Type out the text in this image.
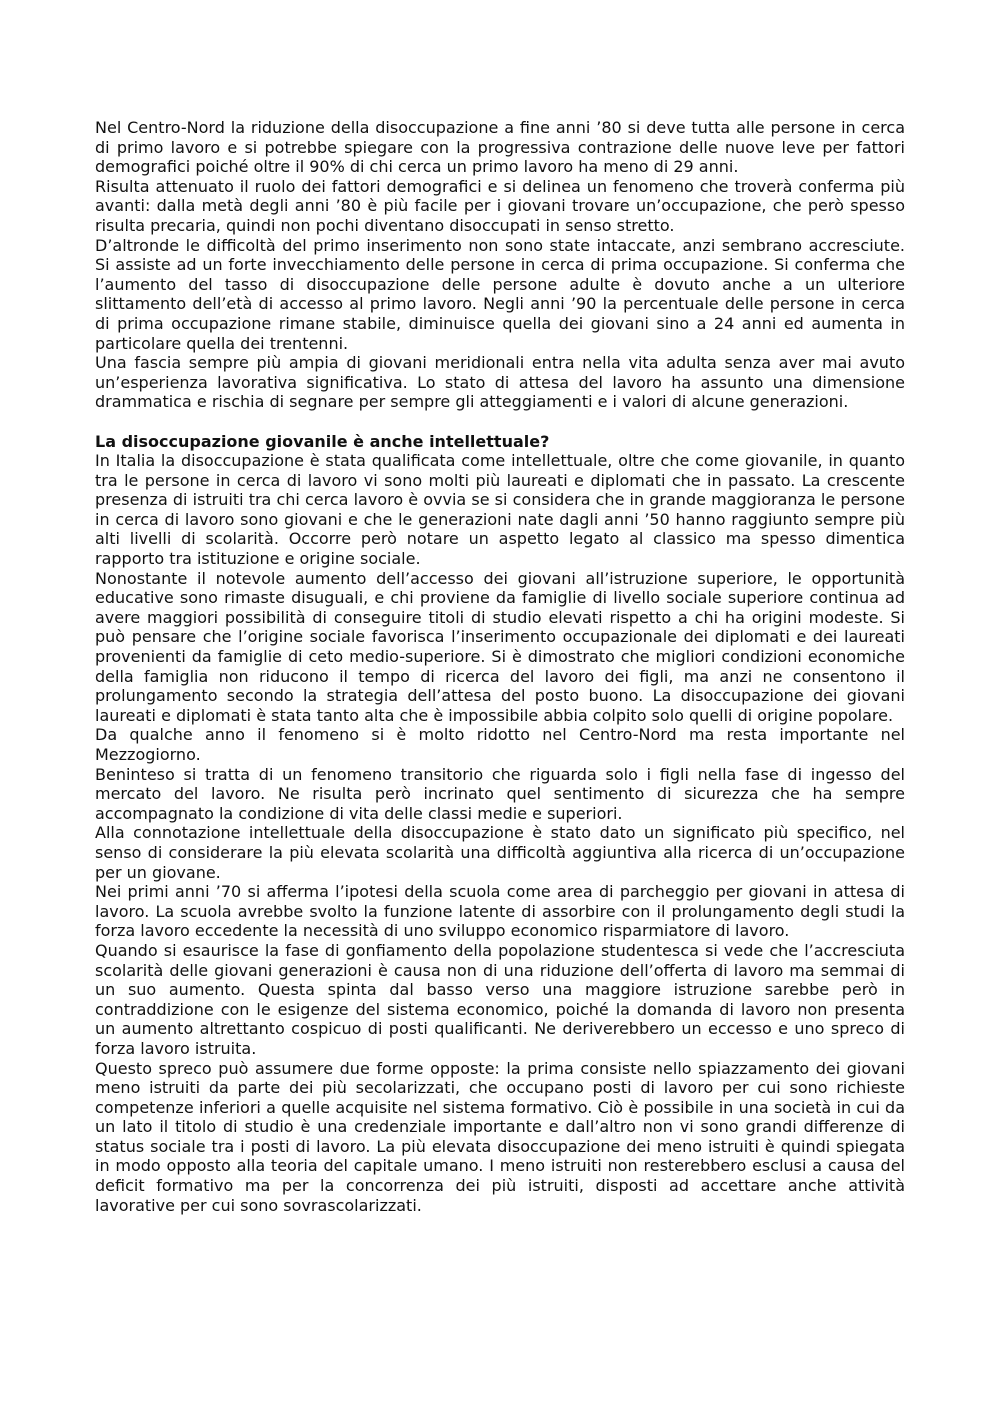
Nel Centro-Nord la riduzione della disoccupazione a fine anni ’80 si deve tutta alle persone in cerca di primo lavoro e si potrebbe spiegare con la progressiva contrazione delle nuove leve per fattori demografici poiché oltre il 90% di chi cerca un primo lavoro ha meno di 29 anni.

Risulta attenuato il ruolo dei fattori demografici e si delinea un fenomeno che troverà conferma più avanti: dalla metà degli anni ’80 è più facile per i giovani trovare un’occupazione, che però spesso risulta precaria, quindi non pochi diventano disoccupati in senso stretto.

D’altronde le difficoltà del primo inserimento non sono state intaccate, anzi sembrano accresciute. Si assiste ad un forte invecchiamento delle persone in cerca di prima occupazione. Si conferma che l’aumento del tasso di disoccupazione delle persone adulte è dovuto anche a un ulteriore slittamento dell’età di accesso al primo lavoro. Negli anni ’90 la percentuale delle persone in cerca di prima occupazione rimane stabile, diminuisce quella dei giovani sino a 24 anni ed aumenta in particolare quella dei trentenni.

Una fascia sempre più ampia di giovani meridionali entra nella vita adulta senza aver mai avuto un’esperienza lavorativa significativa. Lo stato di attesa del lavoro ha assunto una dimensione drammatica e rischia di segnare per sempre gli atteggiamenti e i valori di alcune generazioni.

La disoccupazione giovanile è anche intellettuale?

In Italia la disoccupazione è stata qualificata come intellettuale, oltre che come giovanile, in quanto tra le persone in cerca di lavoro vi sono molti più laureati e diplomati che in passato. La crescente presenza di istruiti tra chi cerca lavoro è ovvia se si considera che in grande maggioranza le persone in cerca di lavoro sono giovani e che le generazioni nate dagli anni ’50 hanno raggiunto sempre più alti livelli di scolarità. Occorre però notare un aspetto legato al classico ma spesso dimentica rapporto tra istituzione e origine sociale.

Nonostante il notevole aumento dell’accesso dei giovani all’istruzione superiore, le opportunità educative sono rimaste disuguali, e chi proviene da famiglie di livello sociale superiore continua ad avere maggiori possibilità di conseguire titoli di studio elevati rispetto a chi ha origini modeste. Si può pensare che l’origine sociale favorisca l’inserimento occupazionale dei diplomati e dei laureati provenienti da famiglie di ceto medio-superiore. Si è dimostrato che migliori condizioni economiche della famiglia non riducono il tempo di ricerca del lavoro dei figli, ma anzi ne consentono il prolungamento secondo la strategia dell’attesa del posto buono. La disoccupazione dei giovani laureati e diplomati è stata tanto alta che è impossibile abbia colpito solo quelli di origine popolare.

Da qualche anno il fenomeno si è molto ridotto nel Centro-Nord ma resta importante nel Mezzogiorno.

Beninteso si tratta di un fenomeno transitorio che riguarda solo i figli nella fase di ingesso del mercato del lavoro. Ne risulta però incrinato quel sentimento di sicurezza che ha sempre accompagnato la condizione di vita delle classi medie e superiori.

Alla connotazione intellettuale della disoccupazione è stato dato un significato più specifico, nel senso di considerare la più elevata scolarità una difficoltà aggiuntiva alla ricerca di un’occupazione per un giovane.

Nei primi anni ’70 si afferma l’ipotesi della scuola come area di parcheggio per giovani in attesa di lavoro. La scuola avrebbe svolto la funzione latente di assorbire con il prolungamento degli studi la forza lavoro eccedente la necessità di uno sviluppo economico risparmiatore di lavoro.

Quando si esaurisce la fase di gonfiamento della popolazione studentesca si vede che l’accresciuta scolarità delle giovani generazioni è causa non di una riduzione dell’offerta di lavoro ma semmai di un suo aumento. Questa spinta dal basso verso una maggiore istruzione sarebbe però in contraddizione con le esigenze del sistema economico, poiché la domanda di lavoro non presenta un aumento altrettanto cospicuo di posti qualificanti. Ne deriverebbero un eccesso e uno spreco di forza lavoro istruita.

Questo spreco può assumere due forme opposte: la prima consiste nello spiazzamento dei giovani meno istruiti da parte dei più secolarizzati, che occupano posti di lavoro per cui sono richieste competenze inferiori a quelle acquisite nel sistema formativo. Ciò è possibile in una società in cui da un lato il titolo di studio è una credenziale importante e dall’altro non vi sono grandi differenze di status sociale tra i posti di lavoro. La più elevata disoccupazione dei meno istruiti è quindi spiegata in modo opposto alla teoria del capitale umano. I meno istruiti non resterebbero esclusi a causa del deficit formativo ma per la concorrenza dei più istruiti, disposti ad accettare anche attività lavorative per cui sono sovrascolarizzati.
